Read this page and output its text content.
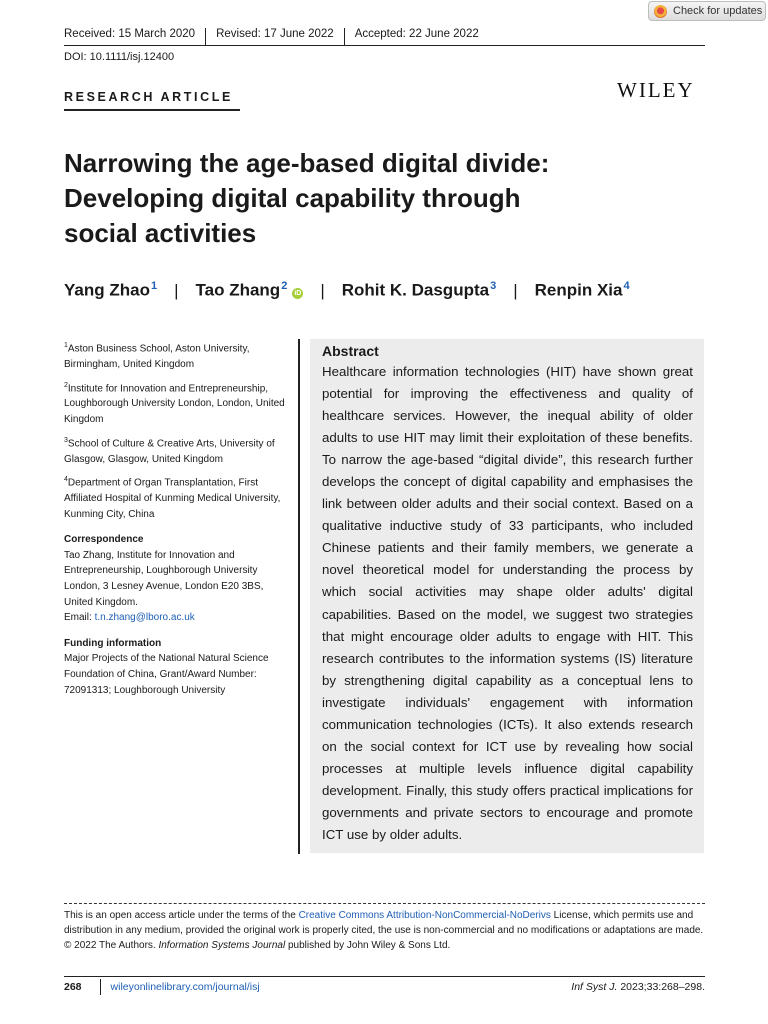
Check for updates
Received: 15 March 2020	Revised: 17 June 2022	Accepted: 22 June 2022
DOI: 10.1111/isj.12400
RESEARCH ARTICLE	WILEY
Narrowing the age-based digital divide:
Developing digital capability through
social activities
Yang Zhao$^1$ | Tao Zhang$^2$iD | Rohit K. Dasgupta$^3$ | Renpin Xia$^4$

$^1$Aston Business School, Aston University, Birmingham, United Kingdom

$^2$Institute for Innovation and Entrepreneurship, Loughborough University London, London, United Kingdom

$^3$School of Culture & Creative Arts, University of Glasgow, Glasgow, United Kingdom

$^4$Department of Organ Transplantation, First Affiliated Hospital of Kunming Medical University, Kunming City, China

Correspondence

Tao Zhang, Institute for Innovation and Entrepreneurship, Loughborough University London, 3 Lesney Avenue, London E20 3BS, United Kingdom.

Email: t.n.zhang@lboro.ac.uk

Funding information

Major Projects of the National Natural Science Foundation of China, Grant/Award Number: 72091313; Loughborough University

Abstract

Healthcare information technologies (HIT) have shown great potential for improving the effectiveness and quality of healthcare services. However, the inequal ability of older adults to use HIT may limit their exploitation of these benefits. To narrow the age-based “digital divide”, this research further develops the concept of digital capability and emphasises the link between older adults and their social context. Based on a qualitative inductive study of 33 participants, who included Chinese patients and their family members, we generate a novel theoretical model for understanding the process by which social activities may shape older adults' digital capabilities. Based on the model, we suggest two strategies that might encourage older adults to engage with HIT. This research contributes to the information systems (IS) literature by strengthening digital capability as a conceptual lens to investigate individuals' engagement with information communication technologies (ICTs). It also extends research on the social context for ICT use by revealing how social processes at multiple levels influence digital capability development. Finally, this study offers practical implications for governments and private sectors to encourage and promote ICT use by older adults.

This is an open access article under the terms of the Creative Commons Attribution-NonCommercial-NoDerivs License, which permits use and distribution in any medium, provided the original work is properly cited, the use is non-commercial and no modifications or adaptations are made.
© 2022 The Authors. Information Systems Journal published by John Wiley & Sons Ltd.
268	wileyonlinelibrary.com/journal/isj	Inf Syst J. 2023;33:268–298.
